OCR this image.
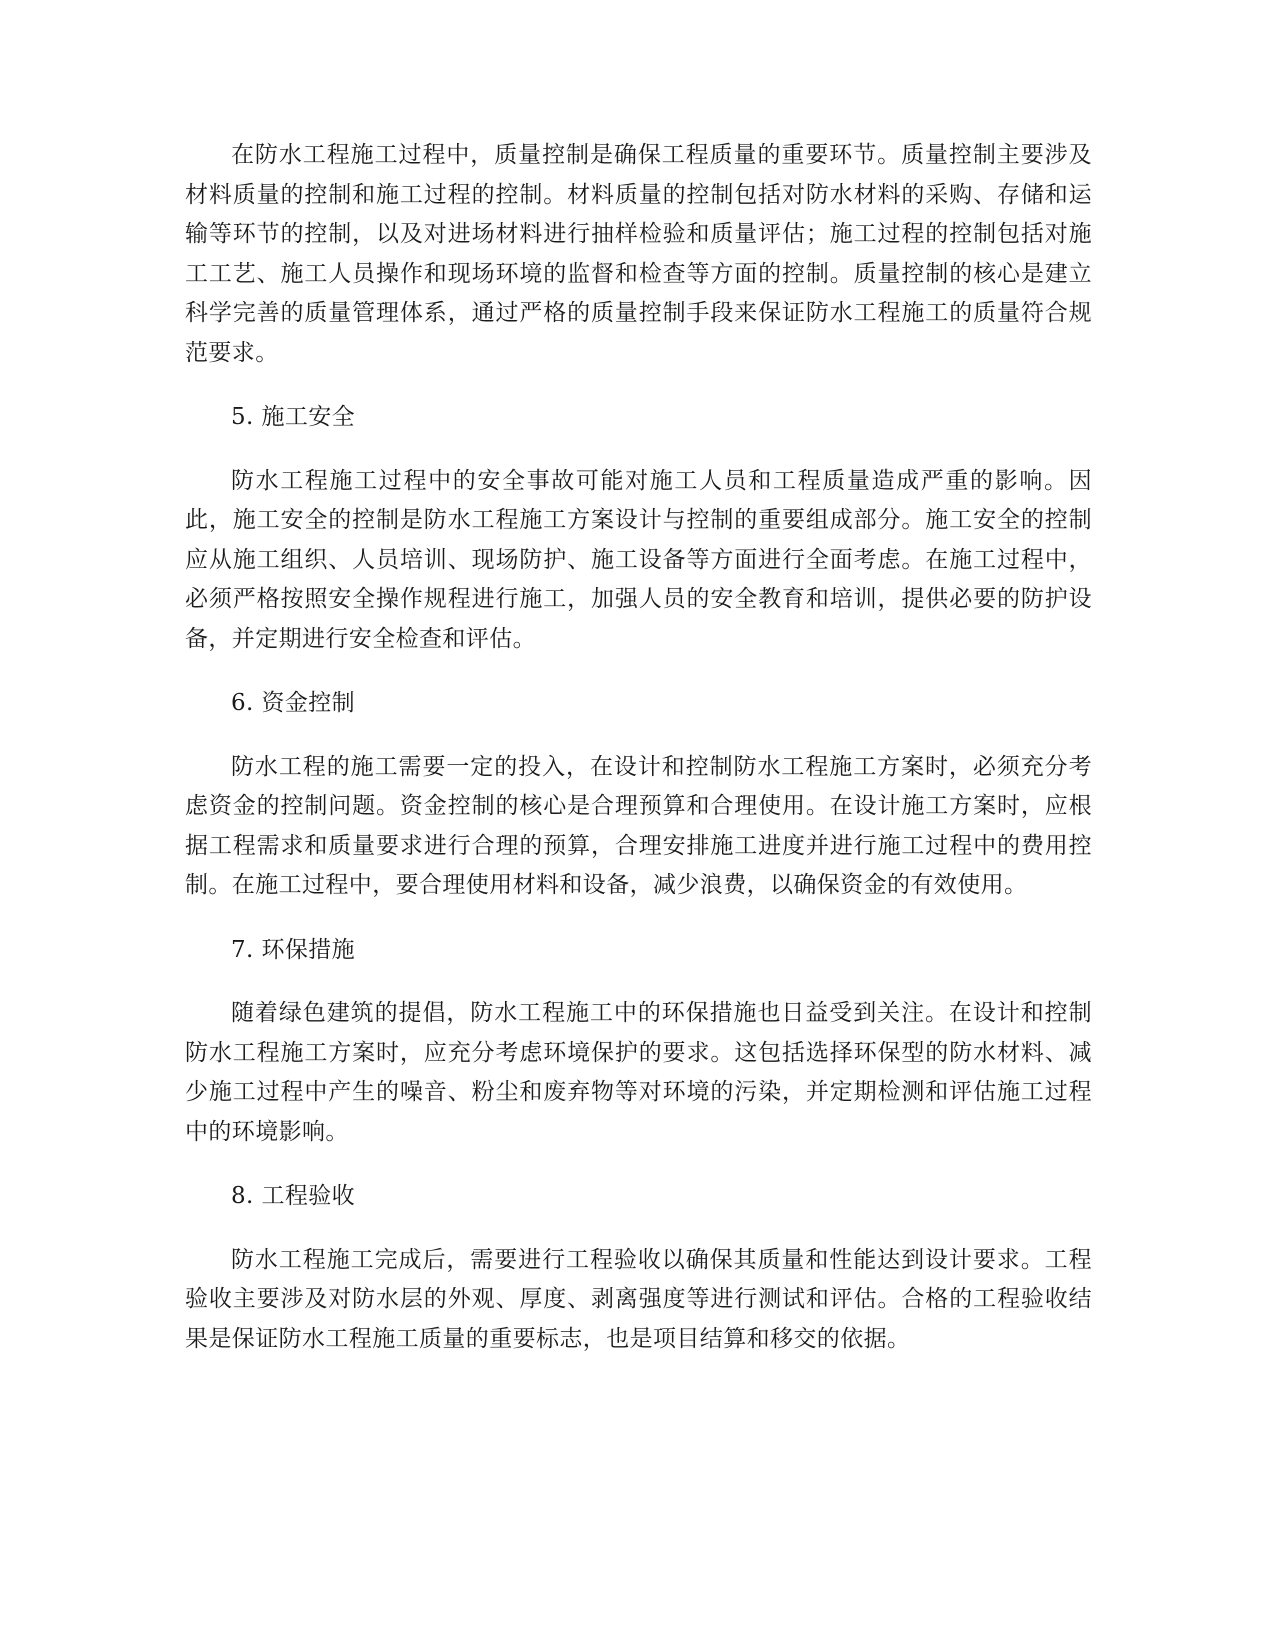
在防水工程施工过程中，质量控制是确保工程质量的重要环节。质量控制主要涉及材料质量的控制和施工过程的控制。材料质量的控制包括对防水材料的采购、存储和运输等环节的控制，以及对进场材料进行抽样检验和质量评估；施工过程的控制包括对施工工艺、施工人员操作和现场环境的监督和检查等方面的控制。质量控制的核心是建立科学完善的质量管理体系，通过严格的质量控制手段来保证防水工程施工的质量符合规范要求。

5. 施工安全

防水工程施工过程中的安全事故可能对施工人员和工程质量造成严重的影响。因此，施工安全的控制是防水工程施工方案设计与控制的重要组成部分。施工安全的控制应从施工组织、人员培训、现场防护、施工设备等方面进行全面考虑。在施工过程中，必须严格按照安全操作规程进行施工，加强人员的安全教育和培训，提供必要的防护设备，并定期进行安全检查和评估。

6. 资金控制

防水工程的施工需要一定的投入，在设计和控制防水工程施工方案时，必须充分考虑资金的控制问题。资金控制的核心是合理预算和合理使用。在设计施工方案时，应根据工程需求和质量要求进行合理的预算，合理安排施工进度并进行施工过程中的费用控制。在施工过程中，要合理使用材料和设备，减少浪费，以确保资金的有效使用。

7. 环保措施

随着绿色建筑的提倡，防水工程施工中的环保措施也日益受到关注。在设计和控制防水工程施工方案时，应充分考虑环境保护的要求。这包括选择环保型的防水材料、减少施工过程中产生的噪音、粉尘和废弃物等对环境的污染，并定期检测和评估施工过程中的环境影响。

8. 工程验收

防水工程施工完成后，需要进行工程验收以确保其质量和性能达到设计要求。工程验收主要涉及对防水层的外观、厚度、剥离强度等进行测试和评估。合格的工程验收结果是保证防水工程施工质量的重要标志，也是项目结算和移交的依据。
